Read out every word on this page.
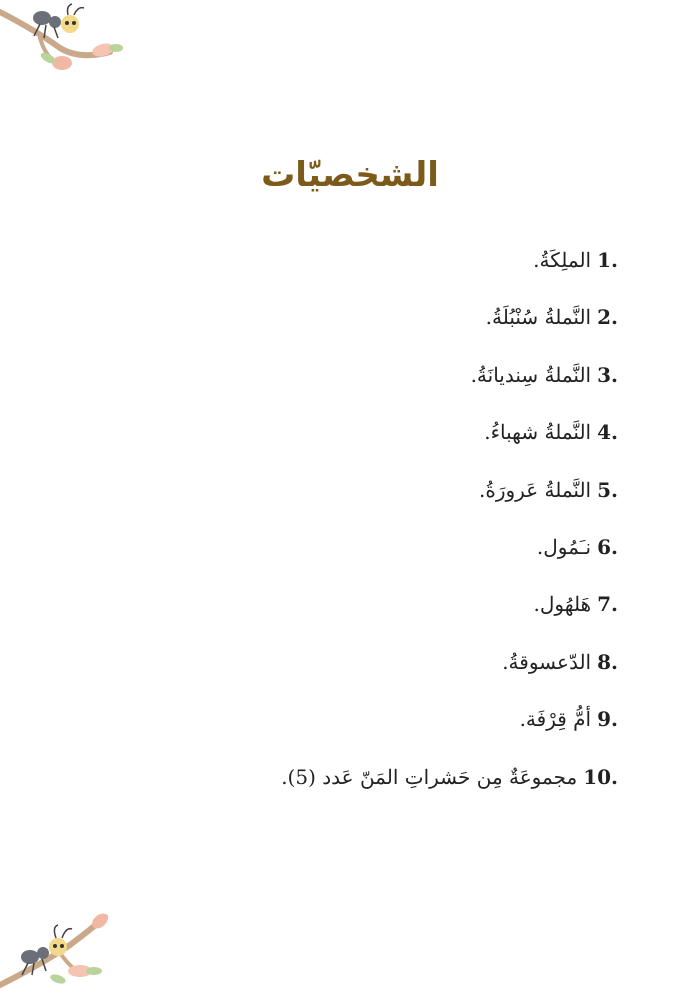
الشخصيّات
1.
الملِكَةُ.
2.
النَّملةُ سُنْبُلَةُ.
3.
النَّملةُ سِنديانَةُ.
4.
النَّملةُ شهباءُ.
5.
النَّملةُ عَرورَةُ.
6.
نـَمُول.
7.
هَلهُول.
8.
الدّعسوقةُ.
9.
أمُّ قِرْفَة.
10.
مجموعَةٌ مِن حَشراتِ المَنّ عَدد (5).
